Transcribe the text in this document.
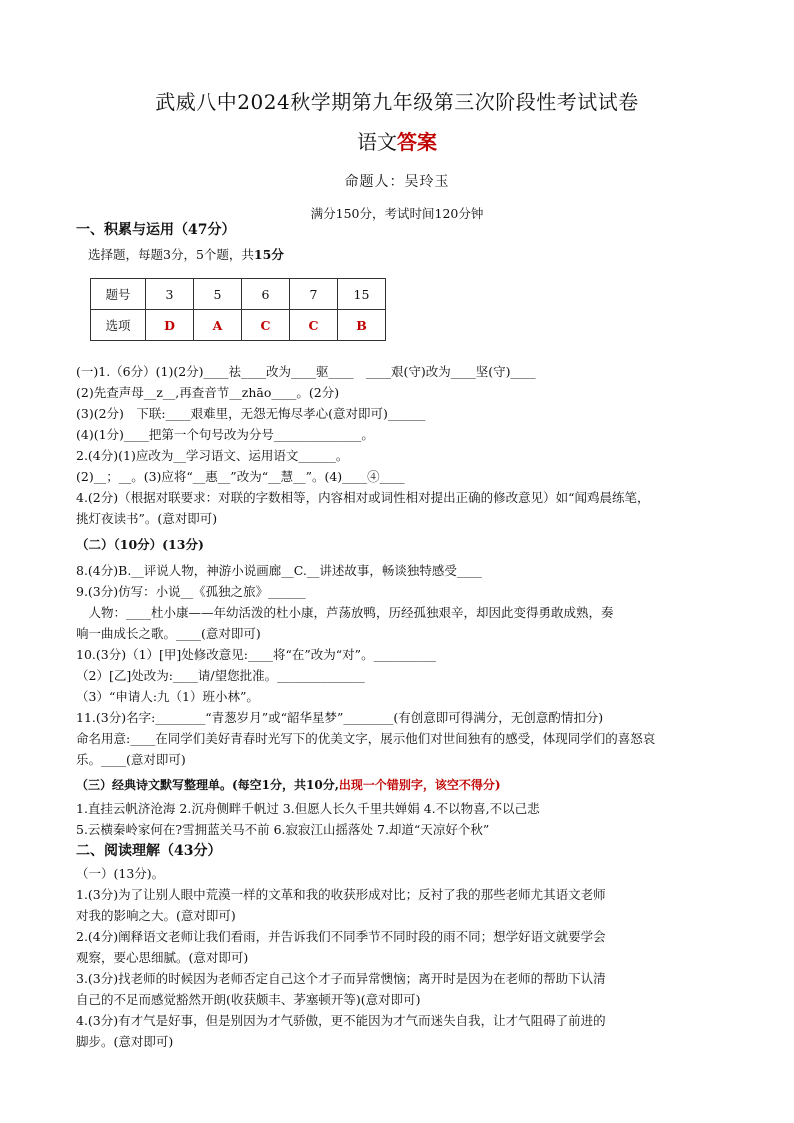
武威八中2024秋学期第九年级第三次阶段性考试试卷
语文答案
命题人：吴玲玉
满分150分，考试时间120分钟
一、积累与运用（47分）
选择题，每题3分，5个题，共15分
题号	3	5	6	7	15
选项	D	A	C	C	B
(一)1.（6分）(1)(2分)____祛____改为____驱____　____艰(守)改为____坚(守)____
(2)先查声母__z__,再查音节__zhāo____。(2分)
(3)(2分)　下联:____艰难里，无怨无悔尽孝心(意对即可)______
(4)(1分)____把第一个句号改为分号______________。
2.(4分)(1)应改为__学习语文、运用语文______。
(2)__；__。(3)应将“__惠__”改为“__慧__”。(4)____④____
4.(2分)（根据对联要求：对联的字数相等，内容相对或词性相对提出正确的修改意见）如“闻鸡晨练笔，
挑灯夜读书”。(意对即可)
（二）（10分）(13分)
8.(4分)B.__评说人物，神游小说画廊__C.__讲述故事，畅谈独特感受____
9.(3分)仿写：小说__《孤独之旅》______
　人物：____杜小康——年幼活泼的杜小康，芦荡放鸭，历经孤独艰辛，却因此变得勇敢成熟，奏
响一曲成长之歌。____(意对即可)
10.(3分)（1）[甲]处修改意见:____将“在”改为“对”。__________
（2）[乙]处改为:____请/望您批准。______________
（3）“申请人:九（1）班小林”。
11.(3分)名字:________“青葱岁月”或“韶华星梦”________(有创意即可得满分，无创意酌情扣分)
命名用意:____在同学们美好青春时光写下的优美文字，展示他们对世间独有的感受，体现同学们的喜怒哀
乐。____(意对即可)
（三）经典诗文默写整理单。(每空1分，共10分,出现一个错别字，该空不得分)
1.直挂云帆济沧海 2.沉舟侧畔千帆过 3.但愿人长久千里共婵娟 4.不以物喜,不以己悲
5.云横秦岭家何在?雪拥蓝关马不前 6.寂寂江山摇落处 7.却道“天凉好个秋”
二、阅读理解（43分）
（一）(13分)。
1.(3分)为了让别人眼中荒漠一样的文革和我的收获形成对比；反衬了我的那些老师尤其语文老师
对我的影响之大。(意对即可)
2.(4分)阐释语文老师让我们看雨，并告诉我们不同季节不同时段的雨不同；想学好语文就要学会
观察，要心思细腻。(意对即可)
3.(3分)找老师的时候因为老师否定自己这个才子而异常懊恼；离开时是因为在老师的帮助下认清
自己的不足而感觉豁然开朗(收获颇丰、茅塞顿开等)(意对即可)
4.(3分)有才气是好事，但是别因为才气骄傲，更不能因为才气而迷失自我，让才气阻碍了前进的
脚步。(意对即可)
